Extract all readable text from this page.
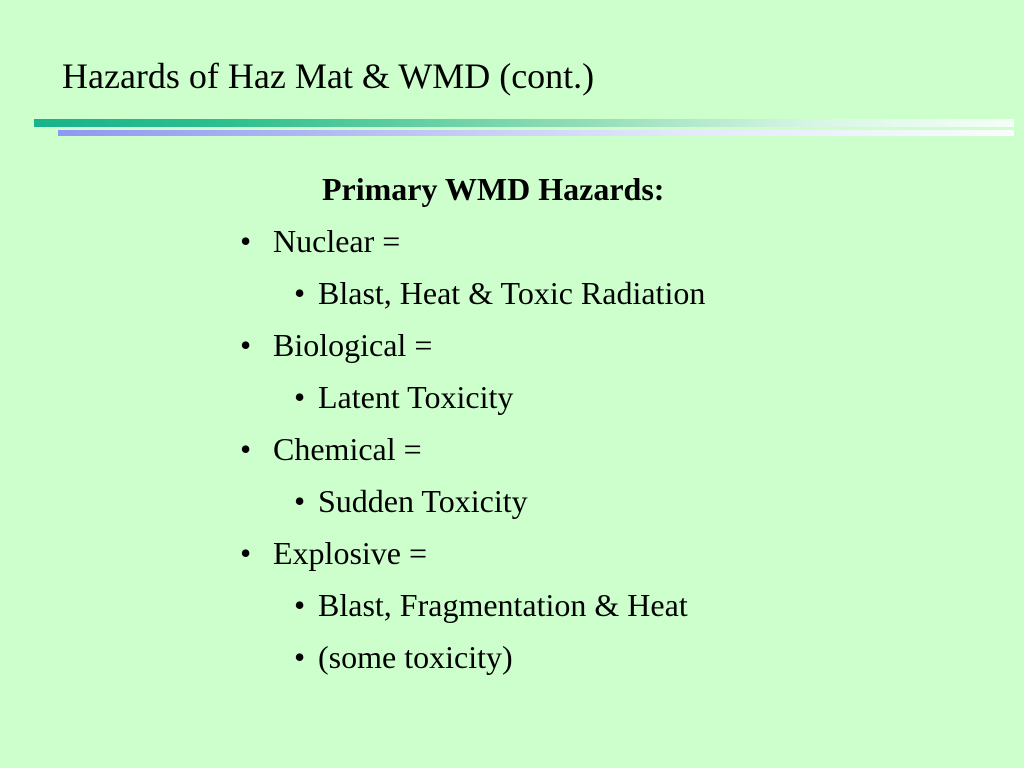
Hazards of Haz Mat & WMD (cont.)
Primary WMD Hazards:
• Nuclear =
• Blast, Heat & Toxic Radiation
• Biological =
• Latent Toxicity
• Chemical =
• Sudden Toxicity
• Explosive =
• Blast, Fragmentation & Heat
• (some toxicity)
